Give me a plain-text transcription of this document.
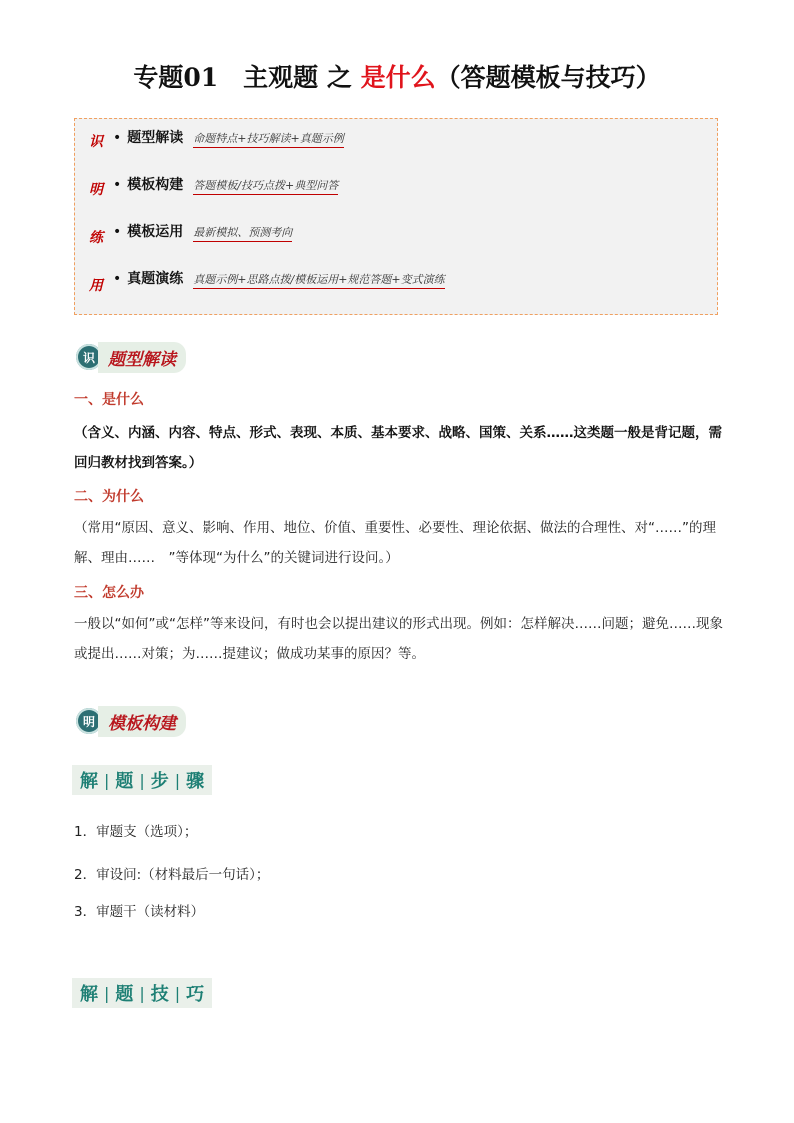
专题01　主观题 之 是什么（答题模板与技巧）
识
明
练
用
• 题型解读 命题特点+技巧解读+真题示例
• 模板构建 答题模板/技巧点拨+典型问答
• 模板运用 最新模拟、预测考向
• 真题演练 真题示例+思路点拨/模板运用+规范答题+变式演练
识 题型解读
一、是什么
（含义、内涵、内容、特点、形式、表现、本质、基本要求、战略、国策、关系……这类题一般是背记题，需回归教材找到答案。）
二、为什么
（常用“原因、意义、影响、作用、地位、价值、重要性、必要性、理论依据、做法的合理性、对“……”的理解、理由……　”等体现“为什么”的关键词进行设问。）
三、怎么办
一般以“如何”或“怎样”等来设问，有时也会以提出建议的形式出现。例如：怎样解决……问题；避免……现象或提出……对策；为……提建议；做成功某事的原因？等。
明 模板构建
解 | 题 | 步 | 骤
1．审题支（选项）；
2．审设问:（材料最后一句话）；
3．审题干（读材料）
解 | 题 | 技 | 巧
